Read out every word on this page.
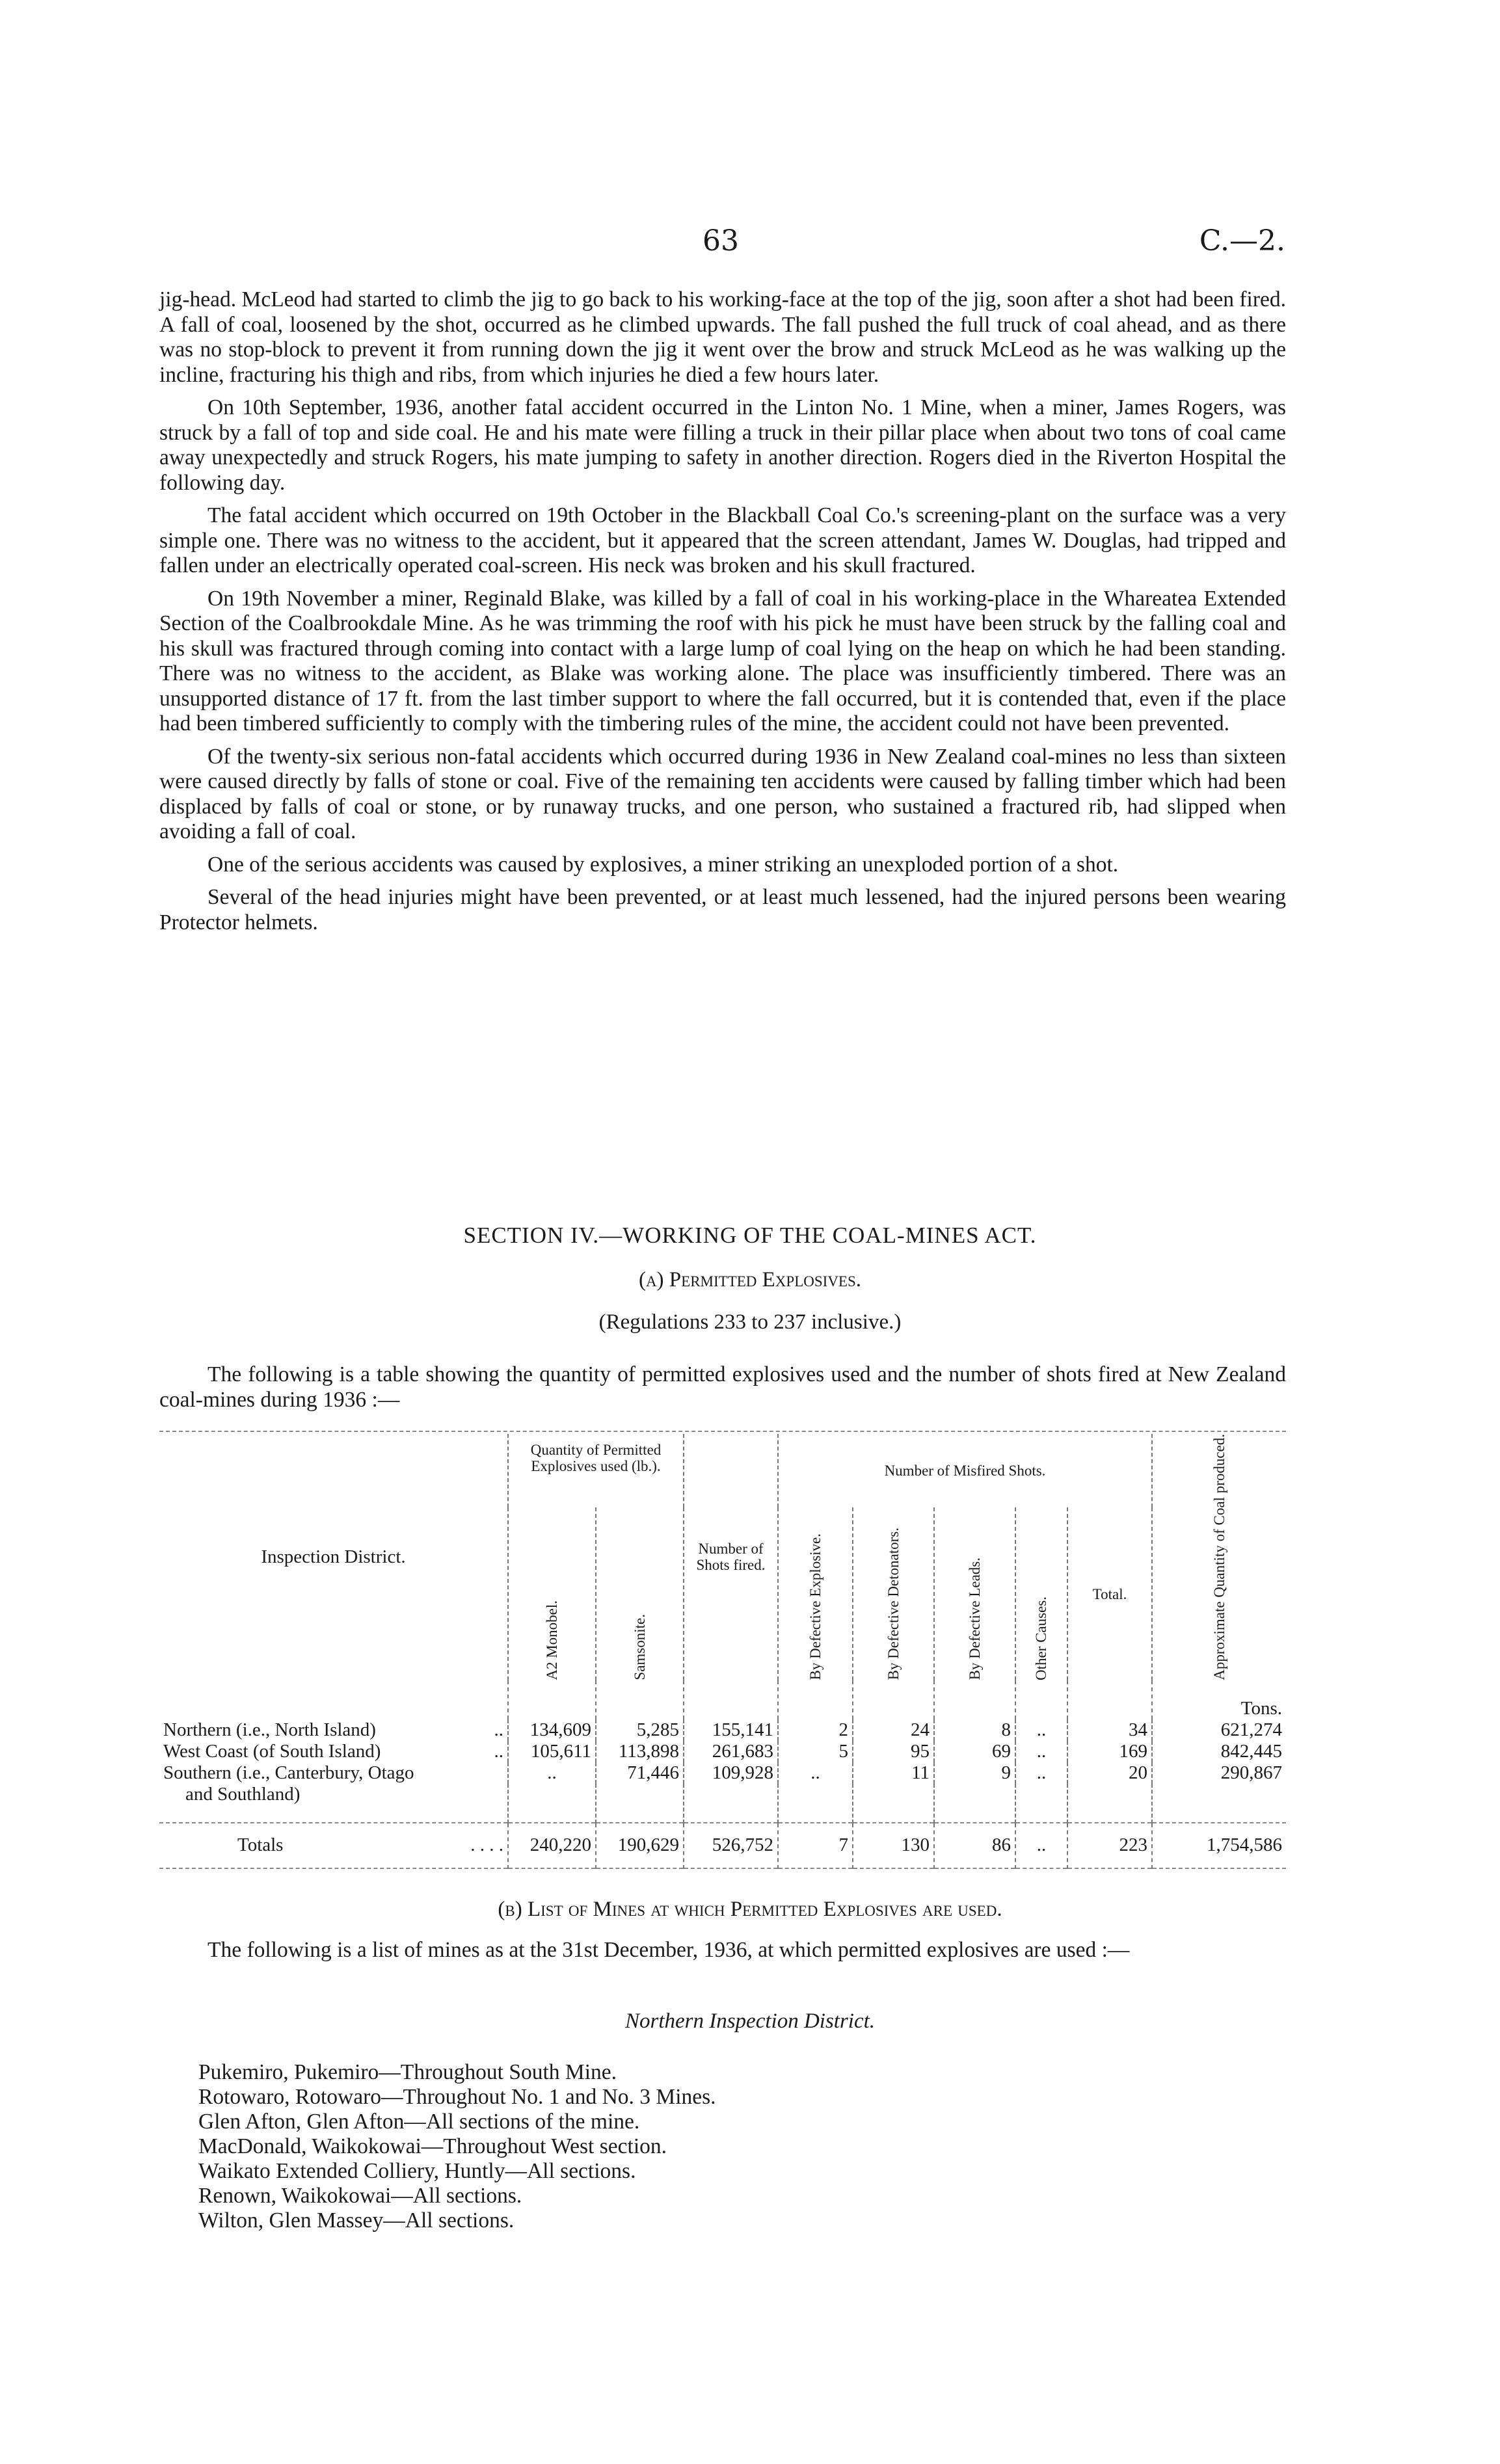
63	C.—2.

jig-head. McLeod had started to climb the jig to go back to his working-face at the top of the jig, soon after a shot had been fired. A fall of coal, loosened by the shot, occurred as he climbed upwards. The fall pushed the full truck of coal ahead, and as there was no stop-block to prevent it from running down the jig it went over the brow and struck McLeod as he was walking up the incline, fracturing his thigh and ribs, from which injuries he died a few hours later.

On 10th September, 1936, another fatal accident occurred in the Linton No. 1 Mine, when a miner, James Rogers, was struck by a fall of top and side coal. He and his mate were filling a truck in their pillar place when about two tons of coal came away unexpectedly and struck Rogers, his mate jumping to safety in another direction. Rogers died in the Riverton Hospital the following day.

The fatal accident which occurred on 19th October in the Blackball Coal Co.'s screening-plant on the surface was a very simple one. There was no witness to the accident, but it appeared that the screen attendant, James W. Douglas, had tripped and fallen under an electrically operated coal-screen. His neck was broken and his skull fractured.

On 19th November a miner, Reginald Blake, was killed by a fall of coal in his working-place in the Whareatea Extended Section of the Coalbrookdale Mine. As he was trimming the roof with his pick he must have been struck by the falling coal and his skull was fractured through coming into contact with a large lump of coal lying on the heap on which he had been standing. There was no witness to the accident, as Blake was working alone. The place was insufficiently timbered. There was an unsupported distance of 17 ft. from the last timber support to where the fall occurred, but it is contended that, even if the place had been timbered sufficiently to comply with the timbering rules of the mine, the accident could not have been prevented.

Of the twenty-six serious non-fatal accidents which occurred during 1936 in New Zealand coal-mines no less than sixteen were caused directly by falls of stone or coal. Five of the remaining ten accidents were caused by falling timber which had been displaced by falls of coal or stone, or by runaway trucks, and one person, who sustained a fractured rib, had slipped when avoiding a fall of coal.

One of the serious accidents was caused by explosives, a miner striking an unexploded portion of a shot.

Several of the head injuries might have been prevented, or at least much lessened, had the injured persons been wearing Protector helmets.

SECTION IV.—WORKING OF THE COAL-MINES ACT.
(a) Permitted Explosives.
(Regulations 233 to 237 inclusive.)

The following is a table showing the quantity of permitted explosives used and the number of shots fired at New Zealand coal-mines during 1936 :—

Inspection District.	Quantity of Permitted Explosives used (lb.).		Number of Shots fired.	Number of Misfired Shots.					Approximate Quantity of Coal produced.

	A2 Monobel.	Samsonite.		By Defective Explosive.	By Defective Detonators.	By Defective Leads.	Other Causes.	Total.	
									Tons.
Northern (i.e., North Island) ..	134,609	5,285	155,141	2	24	8	..	34	621,274
West Coast (of South Island) ..	105,611	113,898	261,683	5	95	69	..	169	842,445
Southern (i.e., Canterbury, Otago	..	71,446	109,928	..	11	9	..	20	290,867
and Southland)									
Totals . . . .	240,220	190,629	526,752	7	130	86	..	223	1,754,586
(b) List of Mines at which Permitted Explosives are used.

The following is a list of mines as at the 31st December, 1936, at which permitted explosives are used :—

Northern Inspection District.
Pukemiro, Pukemiro—Throughout South Mine.
Rotowaro, Rotowaro—Throughout No. 1 and No. 3 Mines.
Glen Afton, Glen Afton—All sections of the mine.
MacDonald, Waikokowai—Throughout West section.
Waikato Extended Colliery, Huntly—All sections.
Renown, Waikokowai—All sections.
Wilton, Glen Massey—All sections.
